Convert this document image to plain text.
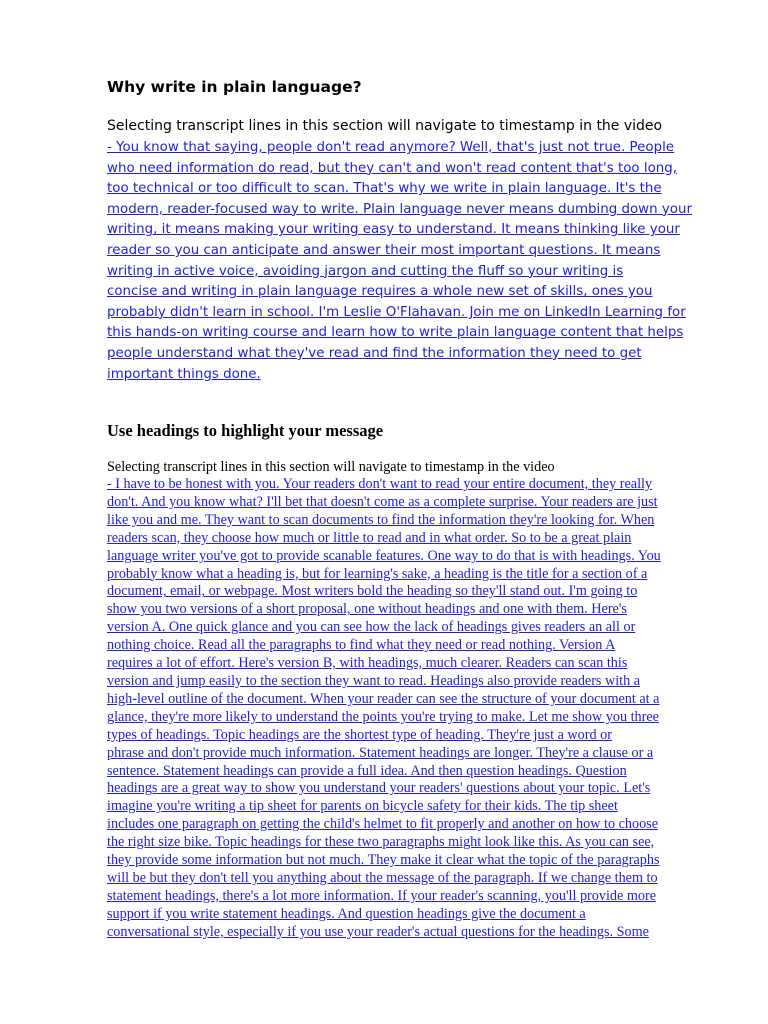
Why write in plain language?

Selecting transcript lines in this section will navigate to timestamp in the video

- You know that saying, people don't read anymore? Well, that's just not true. People
who need information do read, but they can't and won't read content that's too long,
too technical or too difficult to scan. That's why we write in plain language. It's the
modern, reader-focused way to write. Plain language never means dumbing down your
writing, it means making your writing easy to understand. It means thinking like your
reader so you can anticipate and answer their most important questions. It means
writing in active voice, avoiding jargon and cutting the fluff so your writing is
concise and writing in plain language requires a whole new set of skills, ones you
probably didn't learn in school. I'm Leslie O'Flahavan. Join me on LinkedIn Learning for
this hands-on writing course and learn how to write plain language content that helps
people understand what they've read and find the information they need to get
important things done.
Use headings to highlight your message

Selecting transcript lines in this section will navigate to timestamp in the video

- I have to be honest with you. Your readers don't want to read your entire document, they really
don't. And you know what? I'll bet that doesn't come as a complete surprise. Your readers are just
like you and me. They want to scan documents to find the information they're looking for. When
readers scan, they choose how much or little to read and in what order. So to be a great plain
language writer you've got to provide scanable features. One way to do that is with headings. You
probably know what a heading is, but for learning's sake, a heading is the title for a section of a
document, email, or webpage. Most writers bold the heading so they'll stand out. I'm going to
show you two versions of a short proposal, one without headings and one with them. Here's
version A. One quick glance and you can see how the lack of headings gives readers an all or
nothing choice. Read all the paragraphs to find what they need or read nothing. Version A
requires a lot of effort. Here's version B, with headings, much clearer. Readers can scan this
version and jump easily to the section they want to read. Headings also provide readers with a
high-level outline of the document. When your reader can see the structure of your document at a
glance, they're more likely to understand the points you're trying to make. Let me show you three
types of headings. Topic headings are the shortest type of heading. They're just a word or
phrase and don't provide much information. Statement headings are longer. They're a clause or a
sentence. Statement headings can provide a full idea. And then question headings. Question
headings are a great way to show you understand your readers' questions about your topic. Let's
imagine you're writing a tip sheet for parents on bicycle safety for their kids. The tip sheet
includes one paragraph on getting the child's helmet to fit properly and another on how to choose
the right size bike. Topic headings for these two paragraphs might look like this. As you can see,
they provide some information but not much. They make it clear what the topic of the paragraphs
will be but they don't tell you anything about the message of the paragraph. If we change them to
statement headings, there's a lot more information. If your reader's scanning, you'll provide more
support if you write statement headings. And question headings give the document a
conversational style, especially if you use your reader's actual questions for the headings. Some
